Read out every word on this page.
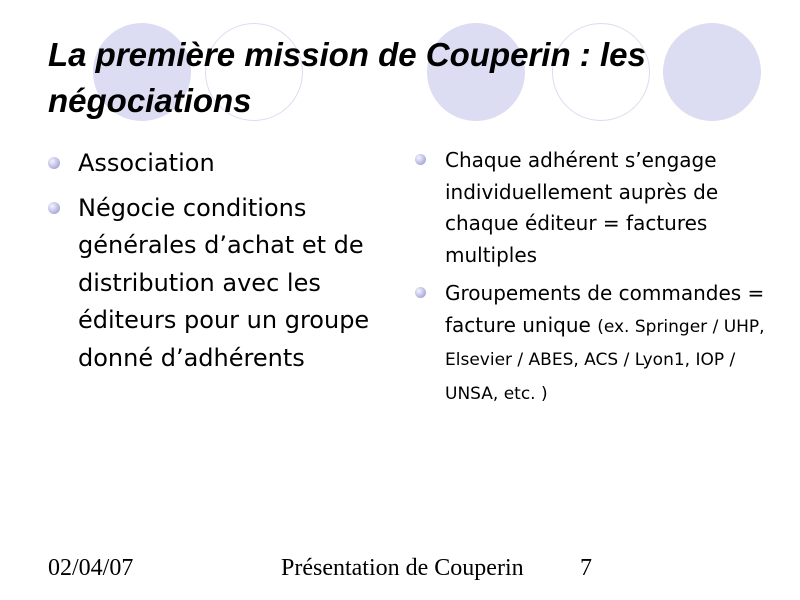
La première mission de Couperin : les
négociations
Association
Négocie conditions générales d’achat et de distribution avec les éditeurs pour un groupe donné d’adhérents
Chaque adhérent s’engage individuellement auprès de chaque éditeur = factures multiples
Groupements de commandes = facture unique (ex. Springer / UHP, Elsevier / ABES, ACS / Lyon1, IOP / UNSA, etc. )
02/04/07	Présentation de Couperin 7
